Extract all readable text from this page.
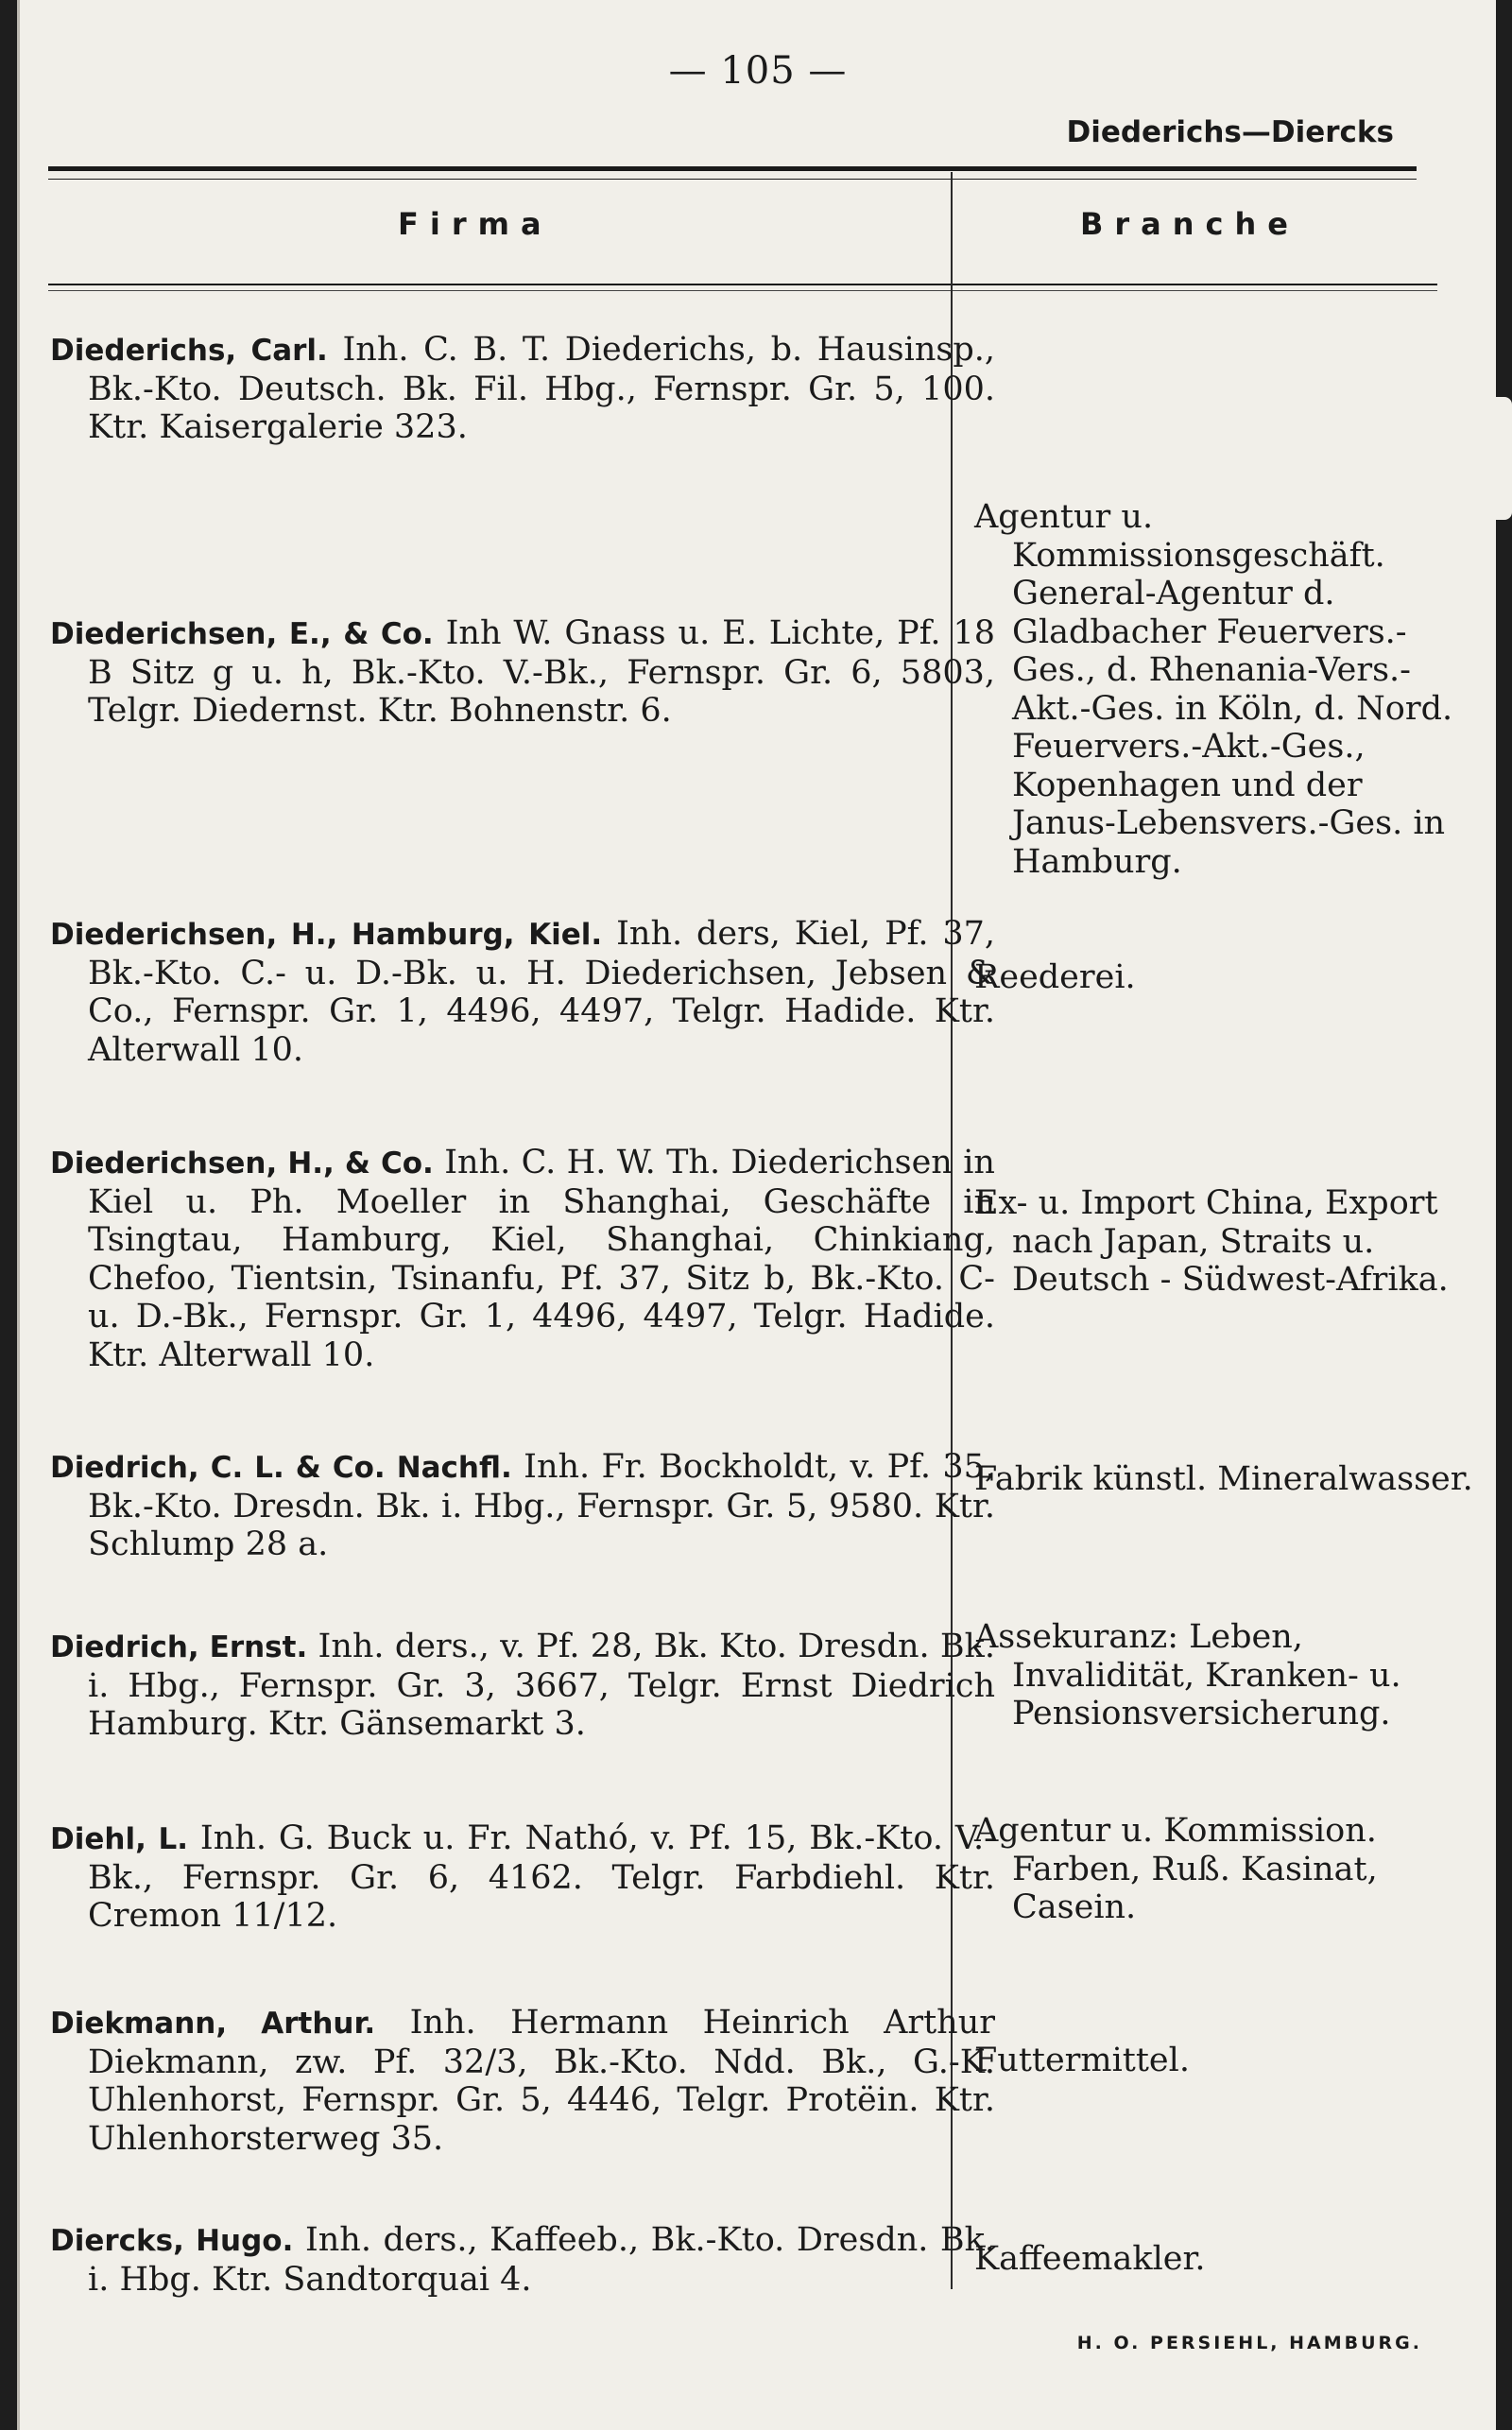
— 105 —
Diederichs—Diercks
Firma	Branche
Diederichs, Carl. Inh. C. B. T. Diederichs, b. Hausinsp., Bk.-Kto. Deutsch. Bk. Fil. Hbg., Fernspr. Gr. 5, 100. Ktr. Kaisergalerie 323.
Diederichsen, E., & Co. Inh W. Gnass u. E. Lichte, Pf. 18 B Sitz g u. h, Bk.-Kto. V.-Bk., Fernspr. Gr. 6, 5803, Telgr. Diedernst. Ktr. Bohnenstr. 6.
Agentur u. Kommissionsgeschäft. General-Agentur d. Gladbacher Feuervers.-Ges., d. Rhenania-Vers.-Akt.-Ges. in Köln, d. Nord. Feuervers.-Akt.-Ges., Kopenhagen und der Janus-Lebensvers.-Ges. in Hamburg.
Diederichsen, H., Hamburg, Kiel. Inh. ders, Kiel, Pf. 37, Bk.-Kto. C.- u. D.-Bk. u. H. Diederichsen, Jebsen & Co., Fernspr. Gr. 1, 4496, 4497, Telgr. Hadide. Ktr. Alterwall 10.
Reederei.
Diederichsen, H., & Co. Inh. C. H. W. Th. Diederichsen in Kiel u. Ph. Moeller in Shanghai, Geschäfte in Tsingtau, Hamburg, Kiel, Shanghai, Chinkiang, Chefoo, Tientsin, Tsinanfu, Pf. 37, Sitz b, Bk.-Kto. C- u. D.-Bk., Fernspr. Gr. 1, 4496, 4497, Telgr. Hadide. Ktr. Alterwall 10.
Ex- u. Import China, Export nach Japan, Straits u. Deutsch - Südwest-Afrika.
Diedrich, C. L. & Co. Nachfl. Inh. Fr. Bockholdt, v. Pf. 35, Bk.-Kto. Dresdn. Bk. i. Hbg., Fernspr. Gr. 5, 9580. Ktr. Schlump 28 a.
Fabrik künstl. Mineralwasser.
Diedrich, Ernst. Inh. ders., v. Pf. 28, Bk. Kto. Dresdn. Bk. i. Hbg., Fernspr. Gr. 3, 3667, Telgr. Ernst Diedrich Hamburg. Ktr. Gänsemarkt 3.
Assekuranz: Leben, Invalidität, Kranken- u. Pensionsversicherung.
Diehl, L. Inh. G. Buck u. Fr. Nathó, v. Pf. 15, Bk.-Kto. V.-Bk., Fernspr. Gr. 6, 4162. Telgr. Farbdiehl. Ktr. Cremon 11/12.
Agentur u. Kommission. Farben, Ruß. Kasinat, Casein.
Diekmann, Arthur. Inh. Hermann Heinrich Arthur Diekmann, zw. Pf. 32/3, Bk.-Kto. Ndd. Bk., G.-K. Uhlenhorst, Fernspr. Gr. 5, 4446, Telgr. Protëin. Ktr. Uhlenhorsterweg 35.
Futtermittel.
Diercks, Hugo. Inh. ders., Kaffeeb., Bk.-Kto. Dresdn. Bk. i. Hbg. Ktr. Sandtorquai 4.
Kaffeemakler.
H. O. PERSIEHL, HAMBURG.
